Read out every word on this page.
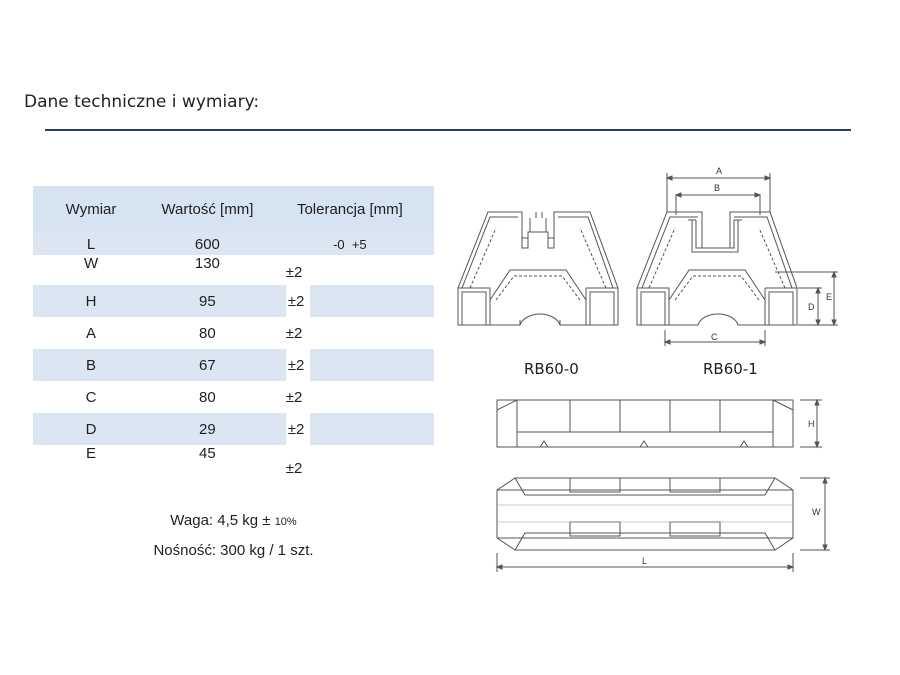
Dane techniczne i wymiary:
Wymiar	Wartość [mm]	Tolerancja [mm]
L	600	-0  +5
W	130	±2
H	95	±2
A	80	±2
B	67	±2
C	80	±2
D	29	±2
E	45	±2
Waga: 4,5 kg ± 10%
Nośność: 300 kg / 1 szt.
A
B
C
D
E
H
W
L
RB60-0	RB60-1
